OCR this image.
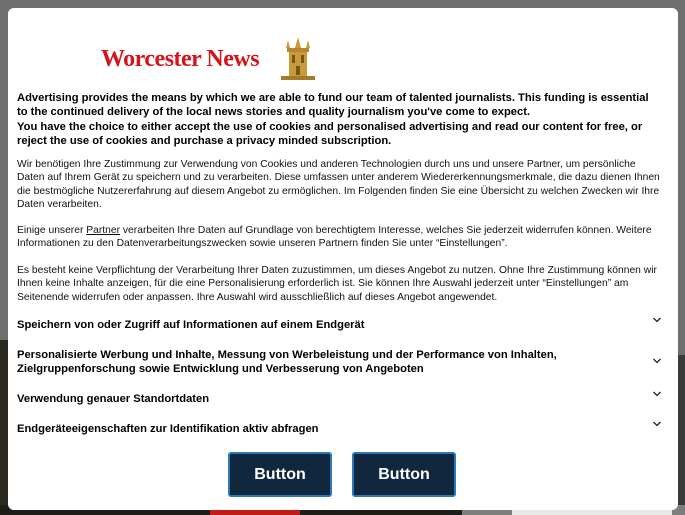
Worcester News
Advertising provides the means by which we are able to fund our team of talented journalists. This funding is essential to the continued delivery of the local news stories and quality journalism you've come to expect.
You have the choice to either accept the use of cookies and personalised advertising and read our content for free, or reject the use of cookies and purchase a privacy minded subscription.
Wir benötigen Ihre Zustimmung zur Verwendung von Cookies und anderen Technologien durch uns und unsere Partner, um persönliche Daten auf Ihrem Gerät zu speichern und zu verarbeiten. Diese umfassen unter anderem Wiedererkennungsmerkmale, die dazu dienen Ihnen die bestmögliche Nutzererfahrung auf diesem Angebot zu ermöglichen. Im Folgenden finden Sie eine Übersicht zu welchen Zwecken wir Ihre Daten verarbeiten.
Einige unserer Partner verarbeiten Ihre Daten auf Grundlage von berechtigtem Interesse, welches Sie jederzeit widerrufen können. Weitere Informationen zu den Datenverarbeitungszwecken sowie unseren Partnern finden Sie unter “Einstellungen”.
Es besteht keine Verpflichtung der Verarbeitung Ihrer Daten zuzustimmen, um dieses Angebot zu nutzen. Ohne Ihre Zustimmung können wir Ihnen keine Inhalte anzeigen, für die eine Personalisierung erforderlich ist. Sie können Ihre Auswahl jederzeit unter “Einstellungen” am Seitenende widerrufen oder anpassen. Ihre Auswahl wird ausschließlich auf dieses Angebot angewendet.
Speichern von oder Zugriff auf Informationen auf einem Endgerät
Personalisierte Werbung und Inhalte, Messung von Werbeleistung und der Performance von Inhalten, Zielgruppenforschung sowie Entwicklung und Verbesserung von Angeboten
Verwendung genauer Standortdaten
Endgeräteeigenschaften zur Identifikation aktiv abfragen
Button	Button
